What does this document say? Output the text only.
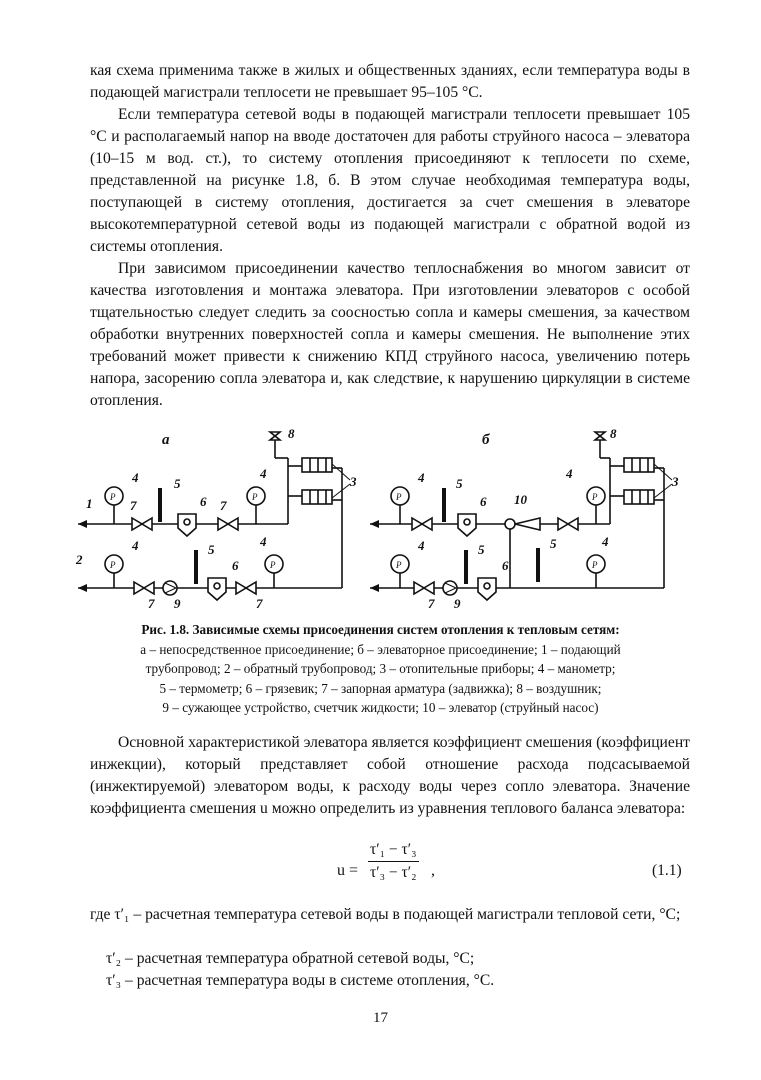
кая схема применима также в жилых и общественных зданиях, если температура воды в подающей магистрали теплосети не превышает 95–105 °С.

Если температура сетевой воды в подающей магистрали теплосети превышает 105 °С и располагаемый напор на вводе достаточен для работы струйного насоса – элеватора (10–15 м вод. ст.), то систему отопления присоединяют к теплосети по схеме, представленной на рисунке 1.8, б. В этом случае необходимая температура воды, поступающей в систему отопления, достигается за счет смешения в элеваторе высокотемпературной сетевой воды из подающей магистрали с обратной водой из системы отопления.

При зависимом присоединении качество теплоснабжения во многом зависит от качества изготовления и монтажа элеватора. При изготовлении элеваторов с особой тщательностью следует следить за соосностью сопла и камеры смешения, за качеством обработки внутренних поверхностей сопла и камеры смешения. Не выполнение этих требований может привести к снижению КПД струйного насоса, увеличению потерь напора, засорению сопла элеватора и, как следствие, к нарушению циркуляции в системе отопления.

а
P	P
P	P
1
2
3
4
4
4
4
5
5
6
6
7	7
7	7
8
9
б
P	P
P	P
3
4
4
4
4
5
5	5
6
6
7
8
9
10
Рис. 1.8. Зависимые схемы присоединения систем отопления к тепловым сетям:
а – непосредственное присоединение; б – элеваторное присоединение; 1 – подающий
трубопровод; 2 – обратный трубопровод; 3 – отопительные приборы; 4 – манометр;
5 – термометр; 6 – грязевик; 7 – запорная арматура (задвижка); 8 – воздушник;
9 – сужающее устройство, счетчик жидкости; 10 – элеватор (струйный насос)

Основной характеристикой элеватора является коэффициент смешения (коэффициент инжекции), который представляет собой отношение расхода подсасываемой (инжектируемой) элеватором воды, к расходу воды через сопло элеватора. Значение коэффициента смешения u можно определить из уравнения теплового баланса элеватора:

$u = \frac{\text{τ′₁ − τ′₃}}{\text{τ′₃ − τ′₂}}$ ,	(1.1)
где τ′₁ – расчетная температура сетевой воды в подающей магистрали тепловой сети, °С;
τ′₂ – расчетная температура обратной сетевой воды, °С;
τ′₃ – расчетная температура воды в системе отопления, °С.
17
